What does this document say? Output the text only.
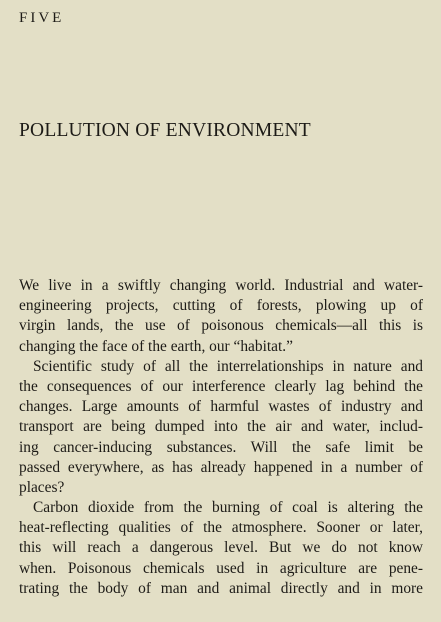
FIVE
POLLUTION OF ENVIRONMENT

We live in a swiftly changing world. Industrial and water-
engineering projects, cutting of forests, plowing up of
virgin lands, the use of poisonous chemicals—all this is
changing the face of the earth, our “habitat.”

Scientific study of all the interrelationships in nature and
the consequences of our interference clearly lag behind the
changes. Large amounts of harmful wastes of industry and
transport are being dumped into the air and water, includ-
ing cancer-inducing substances. Will the safe limit be
passed everywhere, as has already happened in a number of
places?

Carbon dioxide from the burning of coal is altering the
heat-reflecting qualities of the atmosphere. Sooner or later,
this will reach a dangerous level. But we do not know
when. Poisonous chemicals used in agriculture are pene-
trating the body of man and animal directly and in more
